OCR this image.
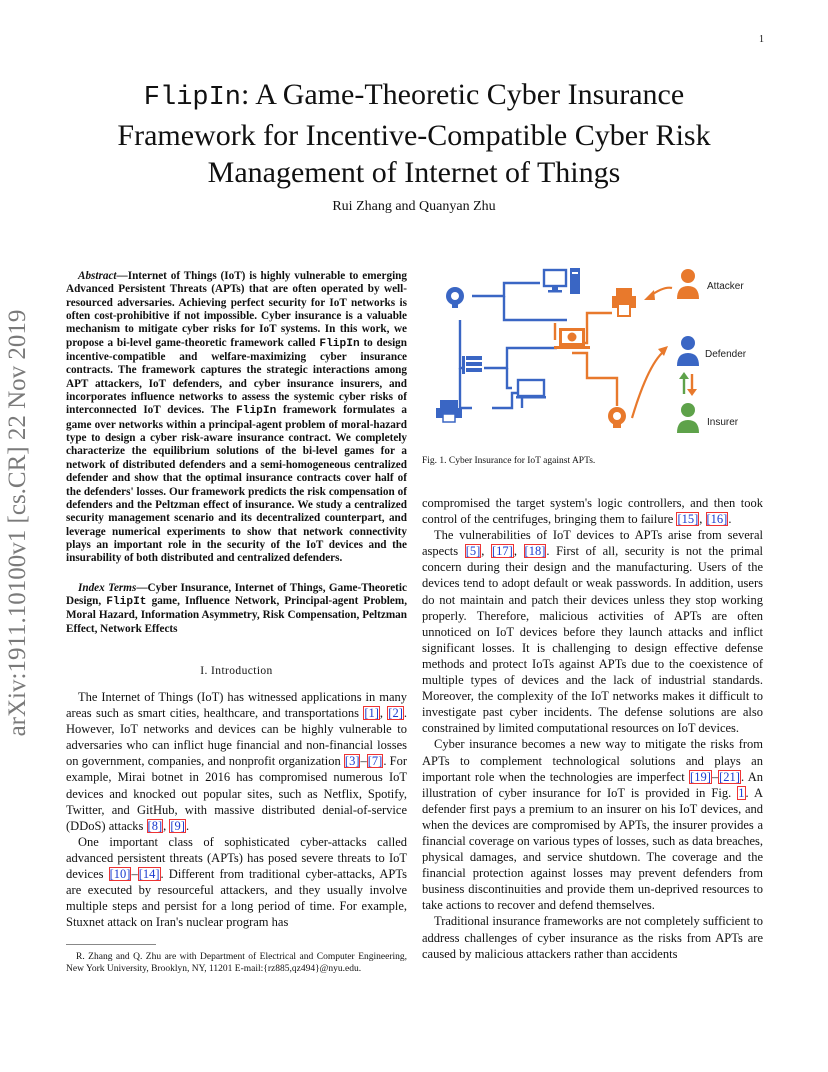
1
FlipIn: A Game-Theoretic Cyber Insurance
Framework for Incentive-Compatible Cyber Risk
Management of Internet of Things
Rui Zhang and Quanyan Zhu
arXiv:1911.10100v1 [cs.CR] 22 Nov 2019

Abstract—Internet of Things (IoT) is highly vulnerable to emerging Advanced Persistent Threats (APTs) that are often operated by well-resourced adversaries. Achieving perfect security for IoT networks is often cost-prohibitive if not impossible. Cyber insurance is a valuable mechanism to mitigate cyber risks for IoT systems. In this work, we propose a bi-level game-theoretic framework called FlipIn to design incentive-compatible and welfare-maximizing cyber insurance contracts. The framework captures the strategic interactions among APT attackers, IoT defenders, and cyber insurance insurers, and incorporates influence networks to assess the systemic cyber risks of interconnected IoT devices. The FlipIn framework formulates a game over networks within a principal-agent problem of moral-hazard type to design a cyber risk-aware insurance contract. We completely characterize the equilibrium solutions of the bi-level games for a network of distributed defenders and a semi-homogeneous centralized defender and show that the optimal insurance contracts cover half of the defenders' losses. Our framework predicts the risk compensation of defenders and the Peltzman effect of insurance. We study a centralized security management scenario and its decentralized counterpart, and leverage numerical experiments to show that network connectivity plays an important role in the security of the IoT devices and the insurability of both distributed and centralized defenders.

Index Terms—Cyber Insurance, Internet of Things, Game-Theoretic Design, FlipIt game, Influence Network, Principal-agent Problem, Moral Hazard, Information Asymmetry, Risk Compensation, Peltzman Effect, Network Effects

I. Introduction

The Internet of Things (IoT) has witnessed applications in many areas such as smart cities, healthcare, and transportations [1], [2]. However, IoT networks and devices can be highly vulnerable to adversaries who can inflict huge financial and non-financial losses on government, companies, and nonprofit organization [3]–[7]. For example, Mirai botnet in 2016 has compromised numerous IoT devices and knocked out popular sites, such as Netflix, Spotify, Twitter, and GitHub, with massive distributed denial-of-service (DDoS) attacks [8], [9].

One important class of sophisticated cyber-attacks called advanced persistent threats (APTs) has posed severe threats to IoT devices [10]–[14]. Different from traditional cyber-attacks, APTs are executed by resourceful attackers, and they usually involve multiple steps and persist for a long period of time. For example, Stuxnet attack on Iran's nuclear program has

R. Zhang and Q. Zhu are with Department of Electrical and Computer Engineering, New York University, Brooklyn, NY, 11201 E-mail:{rz885,qz494}@nyu.edu.

Attacker
Defender
Insurer
Fig. 1. Cyber Insurance for IoT against APTs.

compromised the target system's logic controllers, and then took control of the centrifuges, bringing them to failure [15], [16].

The vulnerabilities of IoT devices to APTs arise from several aspects [5], [17], [18]. First of all, security is not the primal concern during their design and the manufacturing. Users of the devices tend to adopt default or weak passwords. In addition, users do not maintain and patch their devices unless they stop working properly. Therefore, malicious activities of APTs are often unnoticed on IoT devices before they launch attacks and inflict significant losses. It is challenging to design effective defense methods and protect IoTs against APTs due to the coexistence of multiple types of devices and the lack of industrial standards. Moreover, the complexity of the IoT networks makes it difficult to investigate past cyber incidents. The defense solutions are also constrained by limited computational resources on IoT devices.

Cyber insurance becomes a new way to mitigate the risks from APTs to complement technological solutions and plays an important role when the technologies are imperfect [19]–[21]. An illustration of cyber insurance for IoT is provided in Fig. 1. A defender first pays a premium to an insurer on his IoT devices, and when the devices are compromised by APTs, the insurer provides a financial coverage on various types of losses, such as data breaches, physical damages, and service shutdown. The coverage and the financial protection against losses may prevent defenders from business discontinuities and provide them un-deprived resources to take actions to recover and defend themselves.

Traditional insurance frameworks are not completely sufficient to address challenges of cyber insurance as the risks from APTs are caused by malicious attackers rather than accidents
